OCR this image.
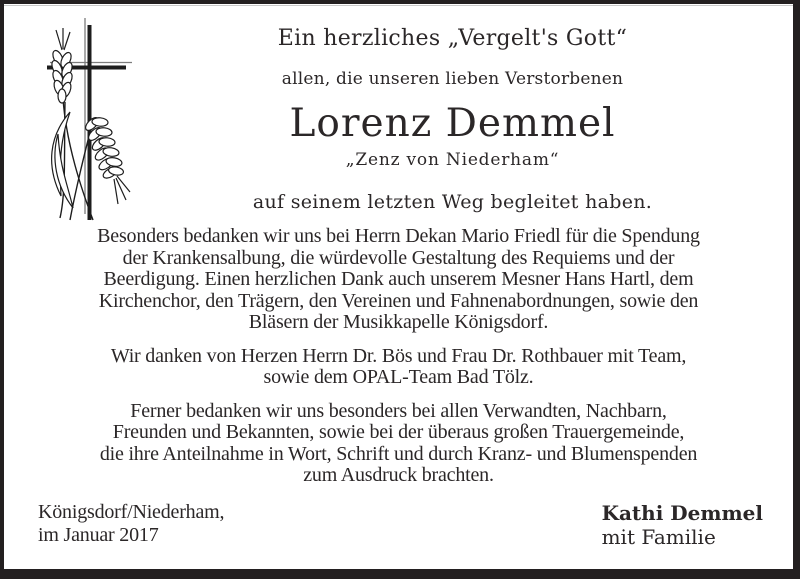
Ein herzliches „Vergelt's Gott“
allen, die unseren lieben Verstorbenen
Lorenz Demmel
„Zenz von Niederham“
auf seinem letzten Weg begleitet haben.

Besonders bedanken wir uns bei Herrn Dekan Mario Friedl für die Spendung
der Krankensalbung, die würdevolle Gestaltung des Requiems und der
Beerdigung. Einen herzlichen Dank auch unserem Mesner Hans Hartl, dem
Kirchenchor, den Trägern, den Vereinen und Fahnenabordnungen, sowie den
Bläsern der Musikkapelle Königsdorf.

Wir danken von Herzen Herrn Dr. Bös und Frau Dr. Rothbauer mit Team,
sowie dem OPAL-Team Bad Tölz.

Ferner bedanken wir uns besonders bei allen Verwandten, Nachbarn,
Freunden und Bekannten, sowie bei der überaus großen Trauergemeinde,
die ihre Anteilnahme in Wort, Schrift und durch Kranz- und Blumenspenden
zum Ausdruck brachten.

Königsdorf/Niederham,
im Januar 2017
Kathi Demmel
mit Familie
